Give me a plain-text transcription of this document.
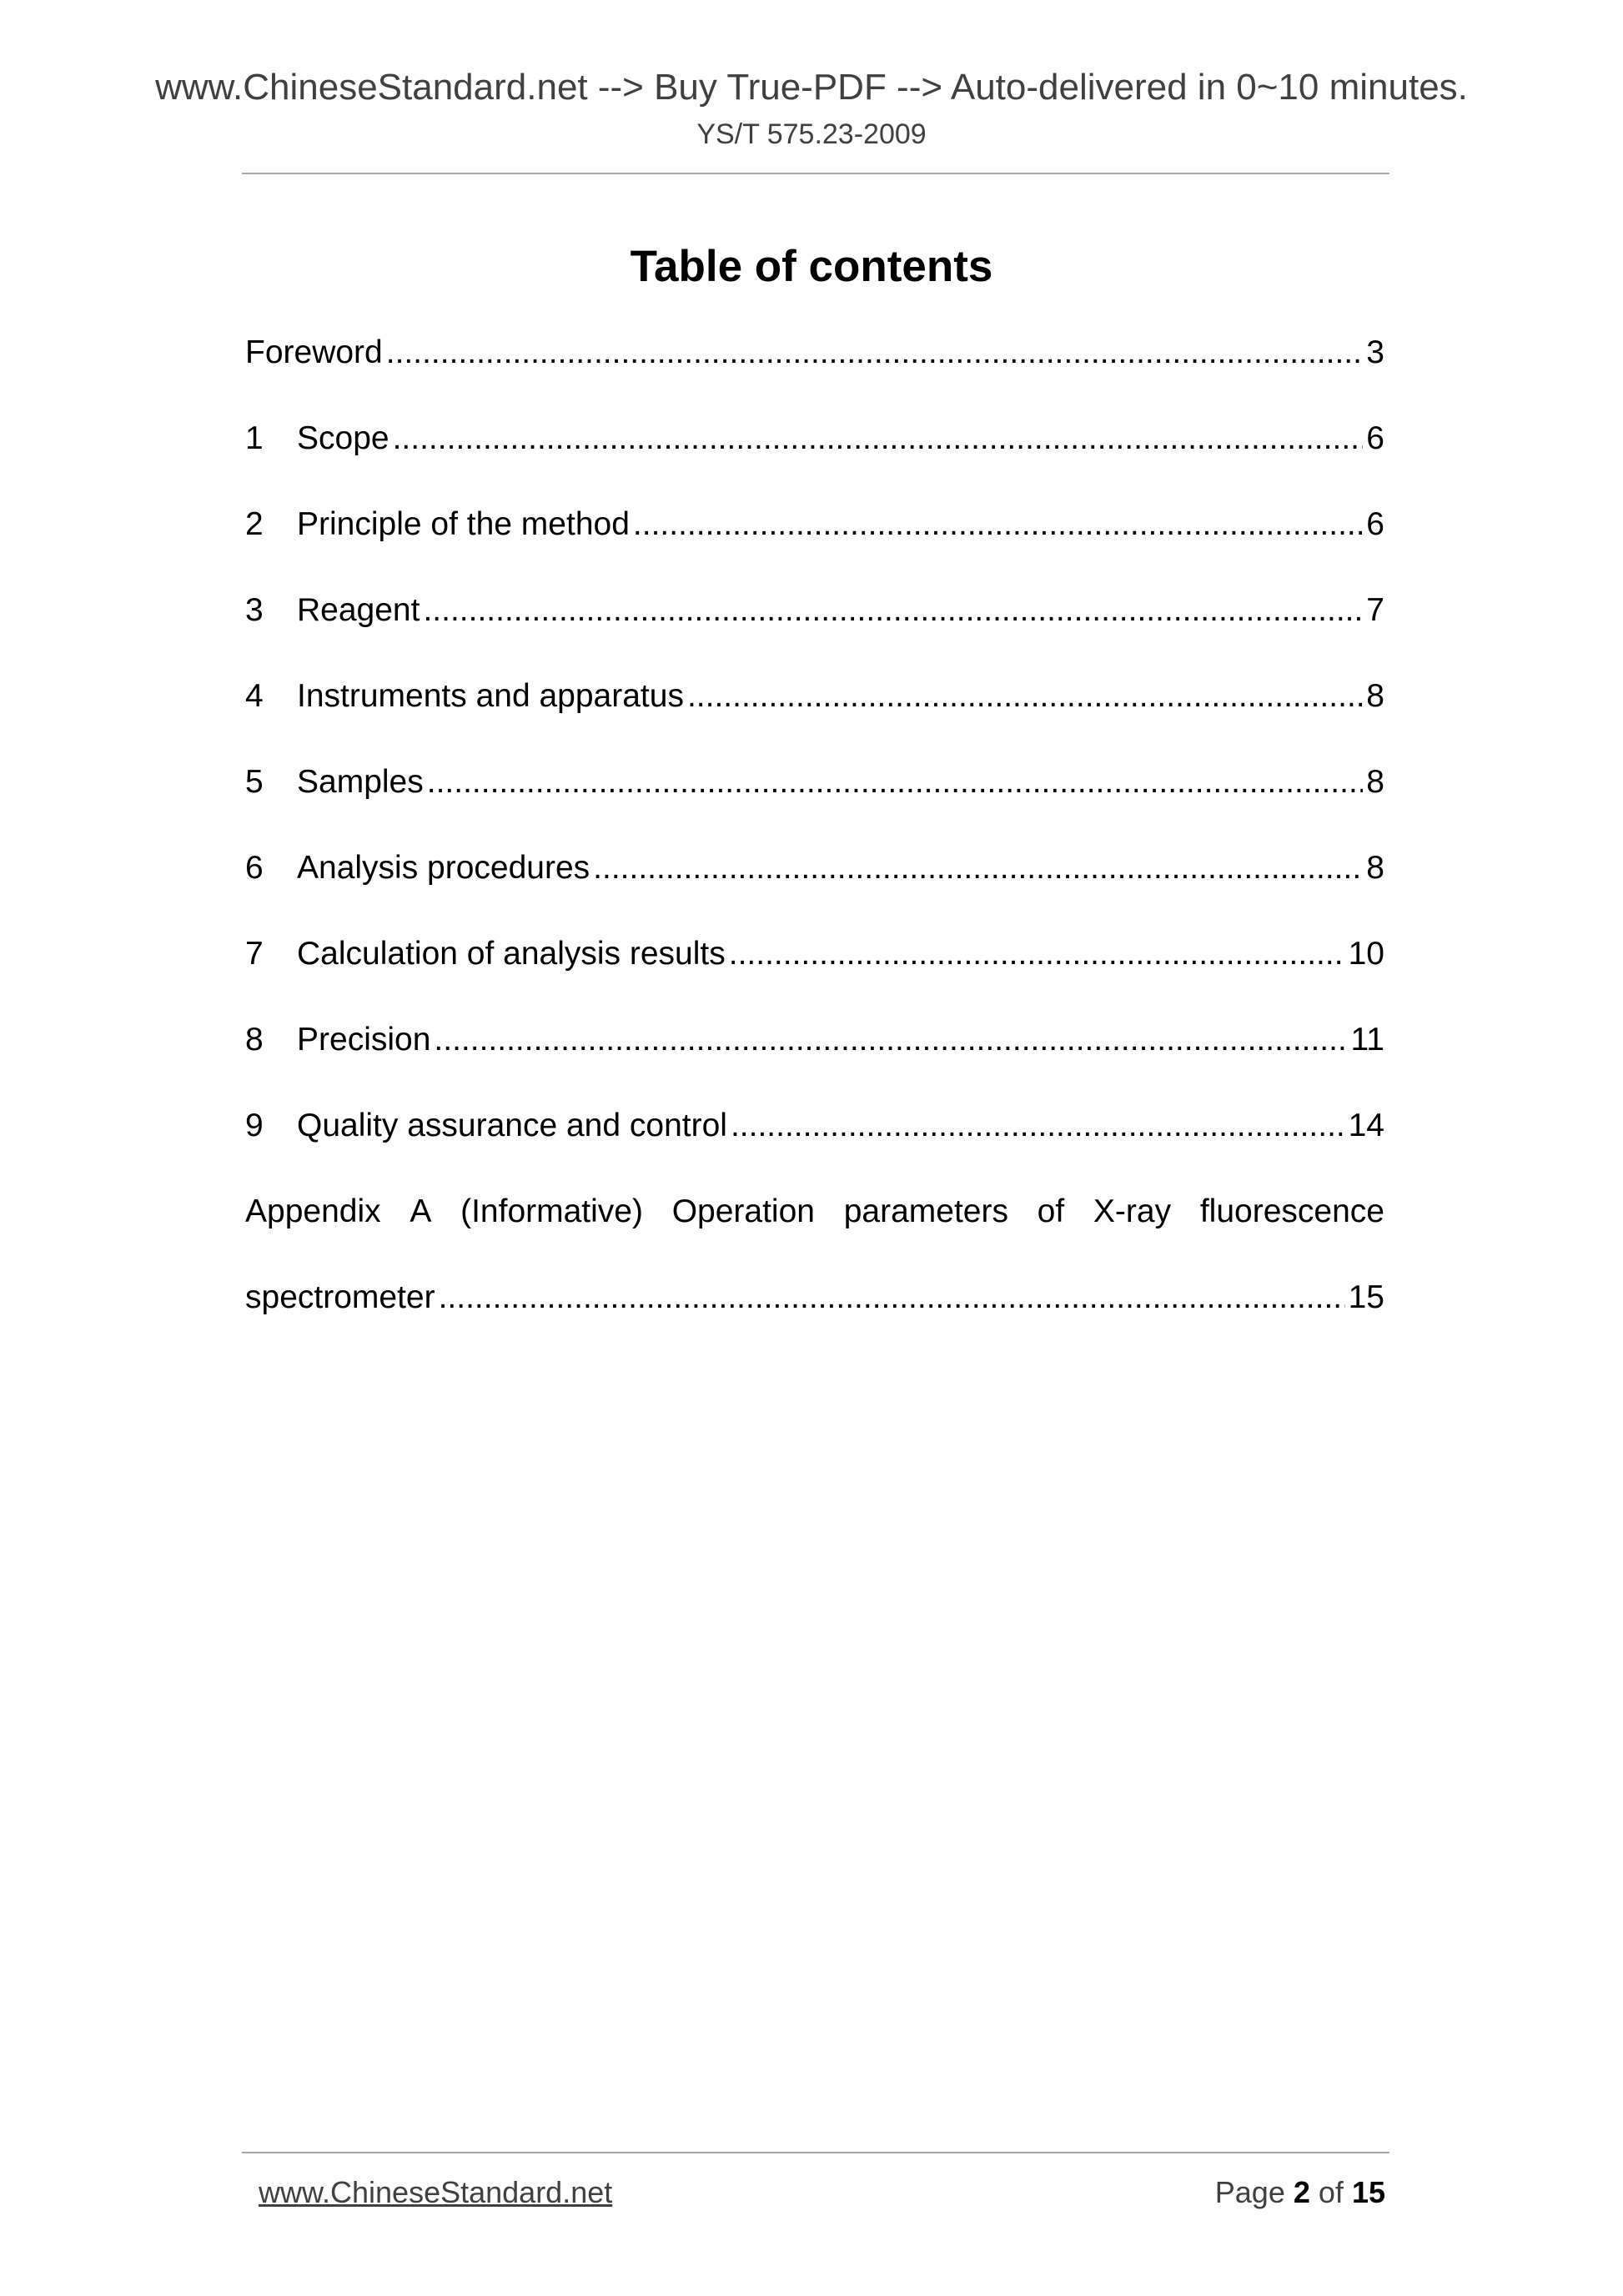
www.ChineseStandard.net --> Buy True-PDF --> Auto-delivered in 0~10 minutes.
YS/T 575.23-2009
Table of contents
Foreword .....	3
1	Scope .....	6
2	Principle of the method .....	6
3	Reagent .....	7
4	Instruments and apparatus .....	8
5	Samples .....	8
6	Analysis procedures .....	8
7	Calculation of analysis results .....	10
8	Precision .....	11
9	Quality assurance and control .....	14
Appendix A (Informative) Operation parameters of X-ray fluorescence
spectrometer .....	15
www.ChineseStandard.net	Page 2 of 15
